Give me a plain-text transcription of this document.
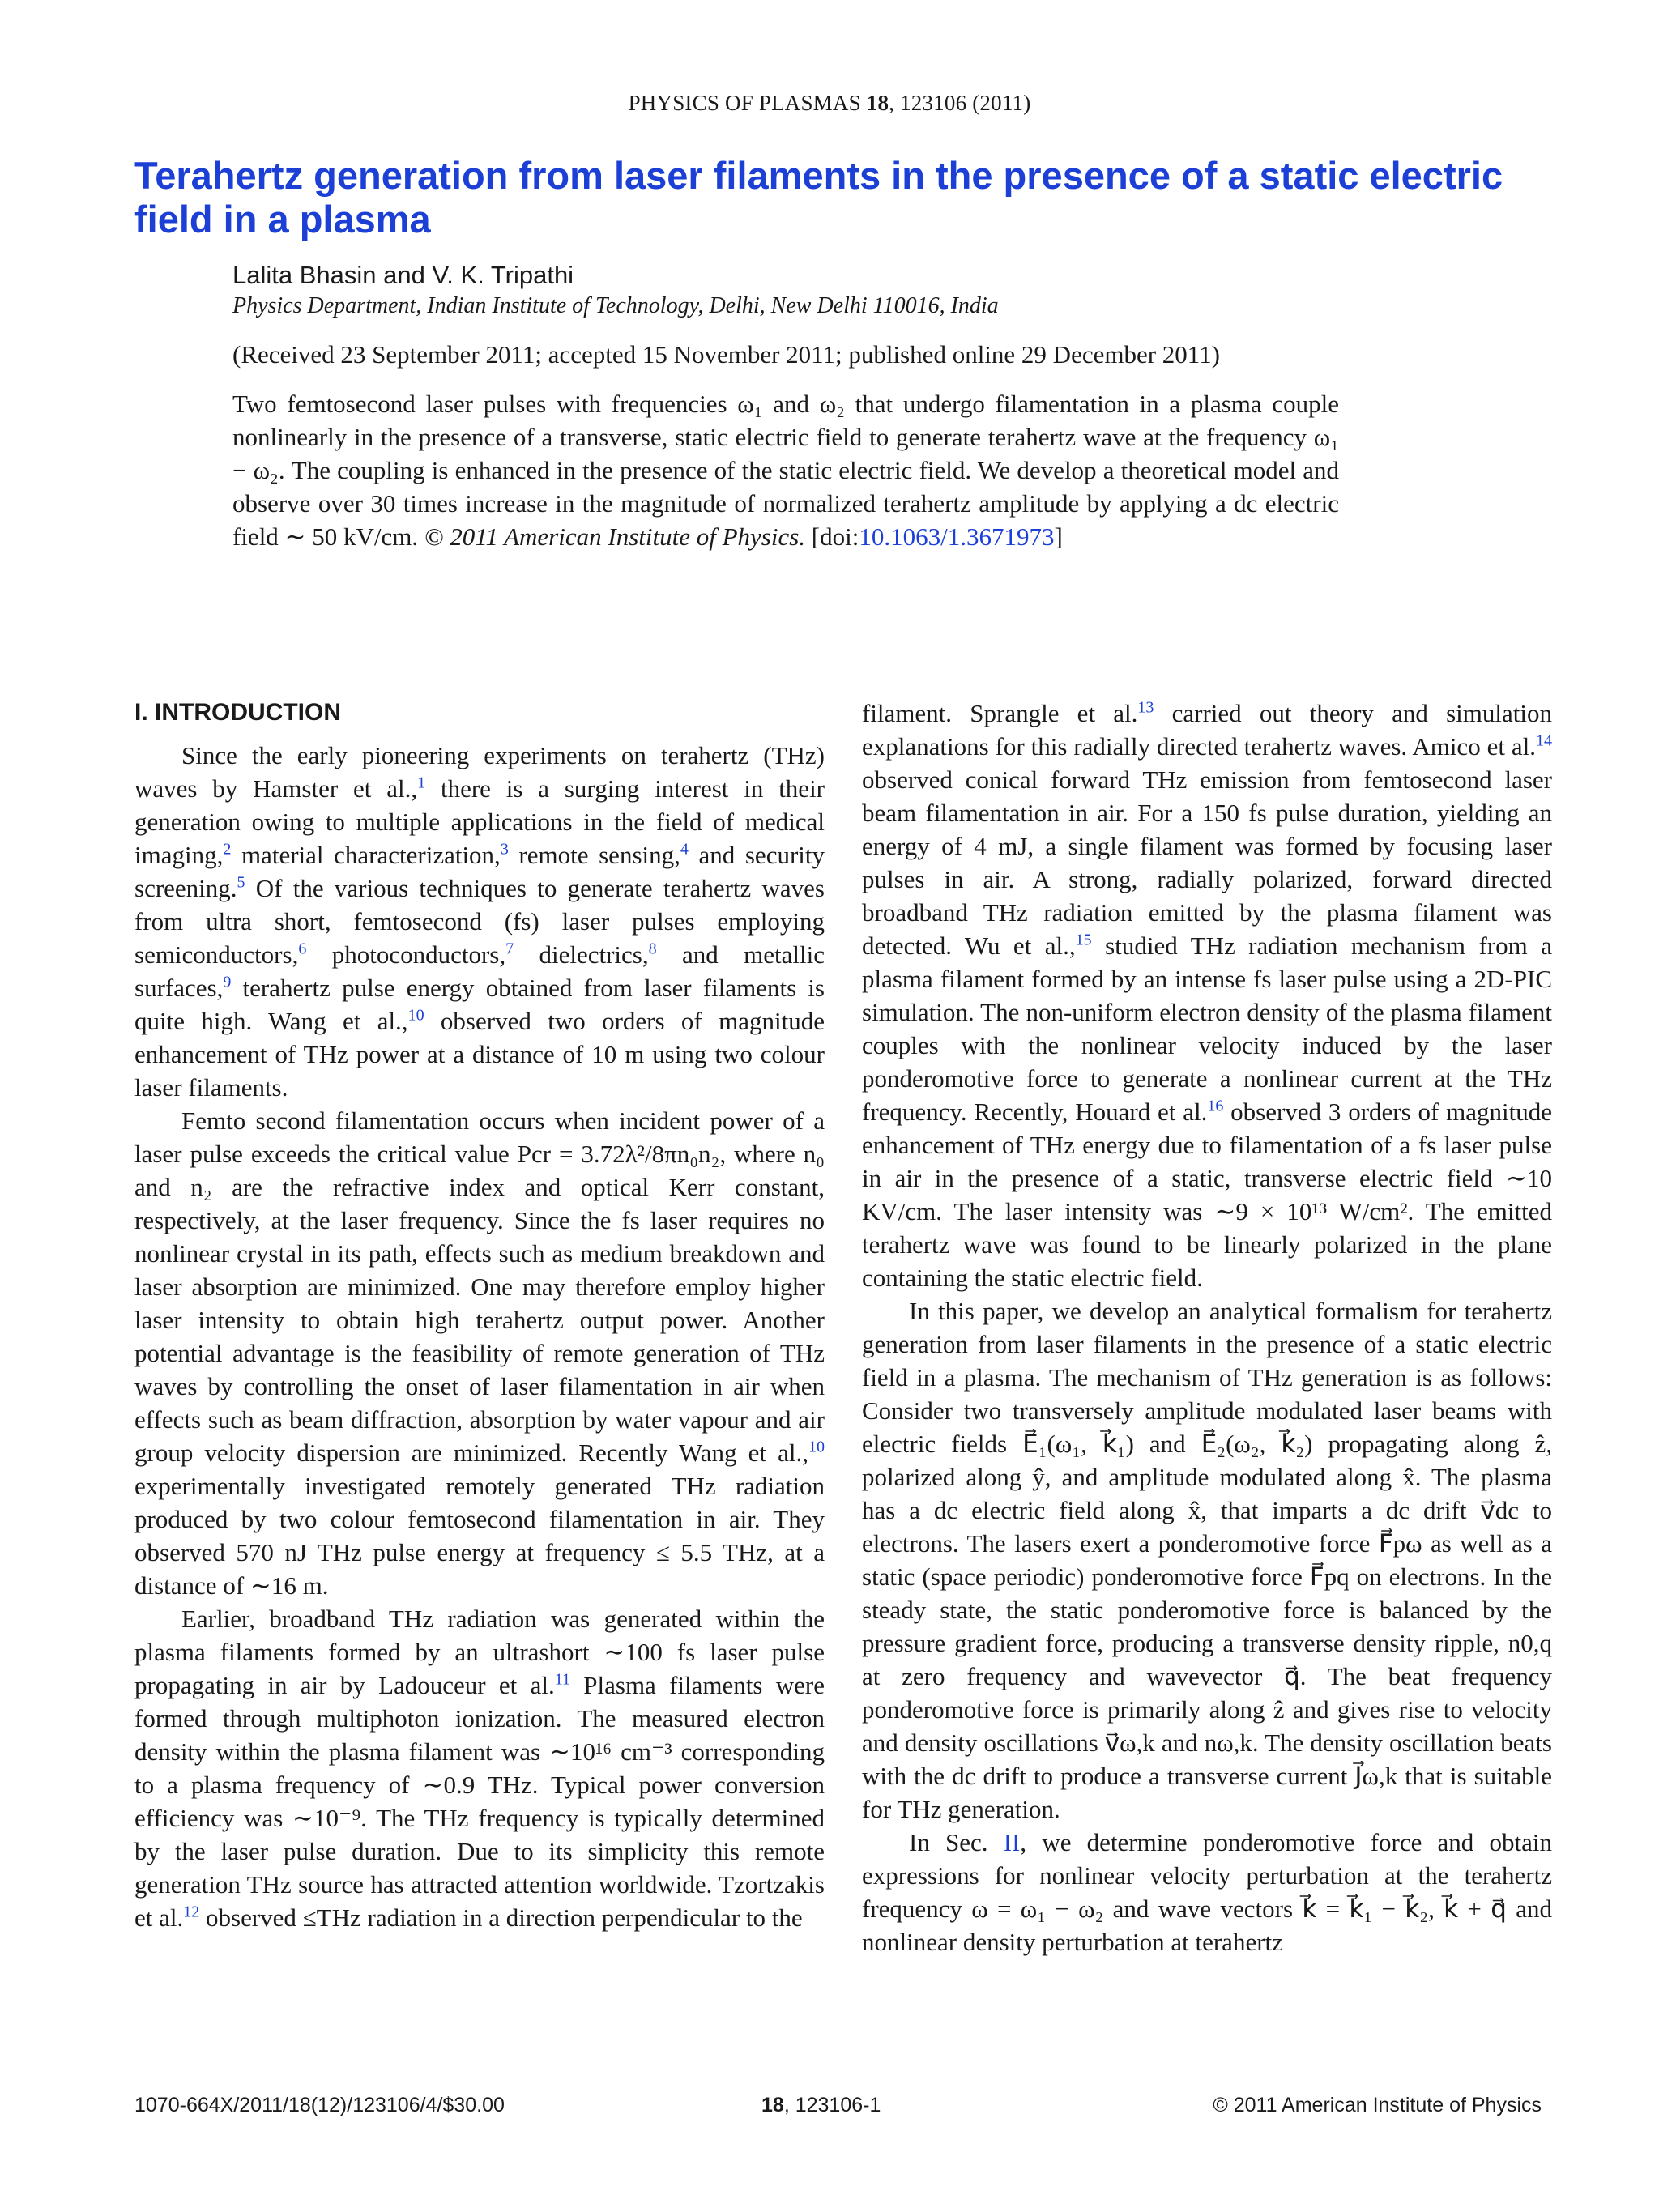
PHYSICS OF PLASMAS 18, 123106 (2011)
Terahertz generation from laser filaments in the presence of a static electric field in a plasma
Lalita Bhasin and V. K. Tripathi
Physics Department, Indian Institute of Technology, Delhi, New Delhi 110016, India
(Received 23 September 2011; accepted 15 November 2011; published online 29 December 2011)

Two femtosecond laser pulses with frequencies ω₁ and ω₂ that undergo filamentation in a plasma couple nonlinearly in the presence of a transverse, static electric field to generate terahertz wave at the frequency ω₁ − ω₂. The coupling is enhanced in the presence of the static electric field. We develop a theoretical model and observe over 30 times increase in the magnitude of normalized terahertz amplitude by applying a dc electric field ∼ 50 kV/cm. © 2011 American Institute of Physics. [doi:10.1063/1.3671973]

I. INTRODUCTION

Since the early pioneering experiments on terahertz (THz) waves by Hamster et al.,$^1$ there is a surging interest in their generation owing to multiple applications in the field of medical imaging,$^2$ material characterization,$^3$ remote sensing,$^4$ and security screening.$^5$ Of the various techniques to generate terahertz waves from ultra short, femtosecond (fs) laser pulses employing semiconductors,$^6$ photoconductors,$^7$ dielectrics,$^8$ and metallic surfaces,$^9$ terahertz pulse energy obtained from laser filaments is quite high. Wang et al.,$^{10}$ observed two orders of magnitude enhancement of THz power at a distance of 10 m using two colour laser filaments.

Femto second filamentation occurs when incident power of a laser pulse exceeds the critical value Pcr = 3.72λ²/8πn₀n₂, where n₀ and n₂ are the refractive index and optical Kerr constant, respectively, at the laser frequency. Since the fs laser requires no nonlinear crystal in its path, effects such as medium breakdown and laser absorption are minimized. One may therefore employ higher laser intensity to obtain high terahertz output power. Another potential advantage is the feasibility of remote generation of THz waves by controlling the onset of laser filamentation in air when effects such as beam diffraction, absorption by water vapour and air group velocity dispersion are minimized. Recently Wang et al.,$^{10}$ experimentally investigated remotely generated THz radiation produced by two colour femtosecond filamentation in air. They observed 570 nJ THz pulse energy at frequency ≤ 5.5 THz, at a distance of ∼16 m.

Earlier, broadband THz radiation was generated within the plasma filaments formed by an ultrashort ∼100 fs laser pulse propagating in air by Ladouceur et al.$^{11}$ Plasma filaments were formed through multiphoton ionization. The measured electron density within the plasma filament was ∼10¹⁶ cm⁻³ corresponding to a plasma frequency of ∼0.9 THz. Typical power conversion efficiency was ∼10⁻⁹. The THz frequency is typically determined by the laser pulse duration. Due to its simplicity this remote generation THz source has attracted attention worldwide. Tzortzakis et al.$^{12}$ observed ≤THz radiation in a direction perpendicular to the

filament. Sprangle et al.$^{13}$ carried out theory and simulation explanations for this radially directed terahertz waves. Amico et al.$^{14}$ observed conical forward THz emission from femtosecond laser beam filamentation in air. For a 150 fs pulse duration, yielding an energy of 4 mJ, a single filament was formed by focusing laser pulses in air. A strong, radially polarized, forward directed broadband THz radiation emitted by the plasma filament was detected. Wu et al.,$^{15}$ studied THz radiation mechanism from a plasma filament formed by an intense fs laser pulse using a 2D-PIC simulation. The non-uniform electron density of the plasma filament couples with the nonlinear velocity induced by the laser ponderomotive force to generate a nonlinear current at the THz frequency. Recently, Houard et al.$^{16}$ observed 3 orders of magnitude enhancement of THz energy due to filamentation of a fs laser pulse in air in the presence of a static, transverse electric field ∼10 KV/cm. The laser intensity was ∼9 × 10¹³ W/cm². The emitted terahertz wave was found to be linearly polarized in the plane containing the static electric field.

In this paper, we develop an analytical formalism for terahertz generation from laser filaments in the presence of a static electric field in a plasma. The mechanism of THz generation is as follows: Consider two transversely amplitude modulated laser beams with electric fields E⃗₁(ω₁, k⃗₁) and E⃗₂(ω₂, k⃗₂) propagating along ẑ, polarized along ŷ, and amplitude modulated along x̂. The plasma has a dc electric field along x̂, that imparts a dc drift v⃗dc to electrons. The lasers exert a ponderomotive force F⃗pω as well as a static (space periodic) ponderomotive force F⃗pq on electrons. In the steady state, the static ponderomotive force is balanced by the pressure gradient force, producing a transverse density ripple, n0,q at zero frequency and wavevector q⃗. The beat frequency ponderomotive force is primarily along ẑ and gives rise to velocity and density oscillations v⃗ω,k and nω,k. The density oscillation beats with the dc drift to produce a transverse current J⃗ω,k that is suitable for THz generation.

In Sec. II, we determine ponderomotive force and obtain expressions for nonlinear velocity perturbation at the terahertz frequency ω = ω₁ − ω₂ and wave vectors k⃗ = k⃗₁ − k⃗₂, k⃗ + q⃗ and nonlinear density perturbation at terahertz

1070-664X/2011/18(12)/123106/4/$30.00	18, 123106-1	© 2011 American Institute of Physics
